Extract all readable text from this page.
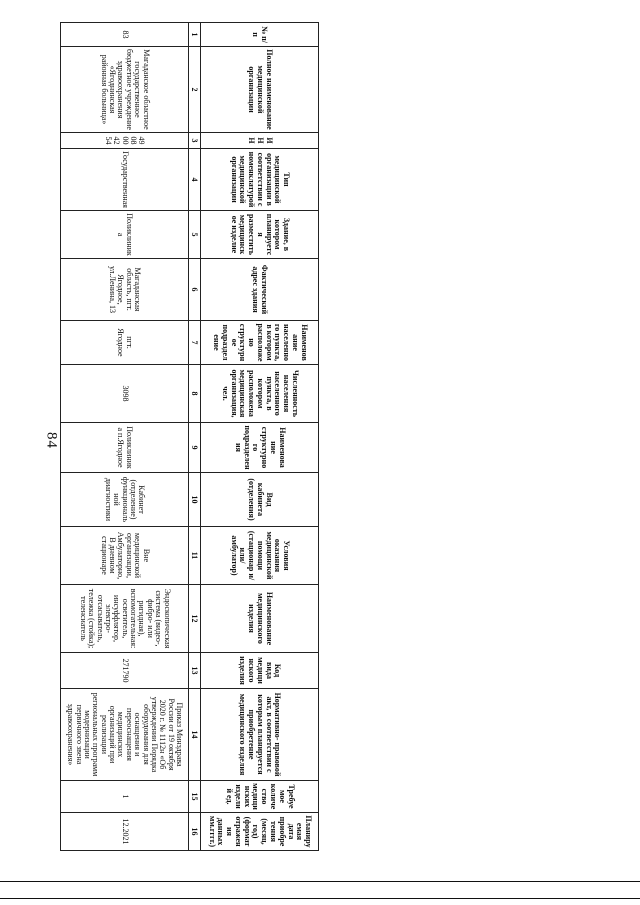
84
№ п/п	Полное наименование медицинской организации	ИНН	Тип медицинской организации в соответствии с номенклатурой медицинской организации	Здание, в котором планируется разместить медицинское изделие	Фактический адрес здания	Наименование населенного пункта, в котором расположено структурное подразделение	Численность населения населенного пункта, в котором расположена медицинская организация, чел.	Наименование структурного подразделения	Вид кабинета (отделения)	Условия оказания медицинской помощи (стационар и/или/амбулатор)	Наименование медицинского изделия	Код вида медицинского изделия	Нормативно- правовой акт, в соответствии с которым планируется приобретение медицинского изделия	Требуемое количество медицинских изделий ед.	Планируемая дата приобретения (месяц, год) (формат отражения данных мм.гггг.)
1	2	3	4	5	6	7	8	9	10	11	12	13	14	15	16
83	Магаданское областное государственное бюджетное учреждение здравоохранения «Ягоднинская районная больница»	4908004254	Государственная	Поликлиника	Магаданская область, пгт. Ягодное, ул.Ленина, 13	пгт. Ягодное	3098	Поликлиника п.Ягодное	Кабинет (отделение) функциональной диагностики	Вне медицинской организации, Амбулаторно, В дневном стационаре	Эндоскопическая система (видео-, фибро- или ригидная), вспомогательная: осветитель, инсуффлятор, электро-отсасыватель, тележка (стойка); теленсиатель	271790	Приказ Минздрава России от 19 октября 2020 г. № 1112н «Об утверждении Порядка оборудования для оснащения и переоснащения медицинских организаций при реализации региональных программ модернизации первичного звена здравоохранения»	1	12.2021
